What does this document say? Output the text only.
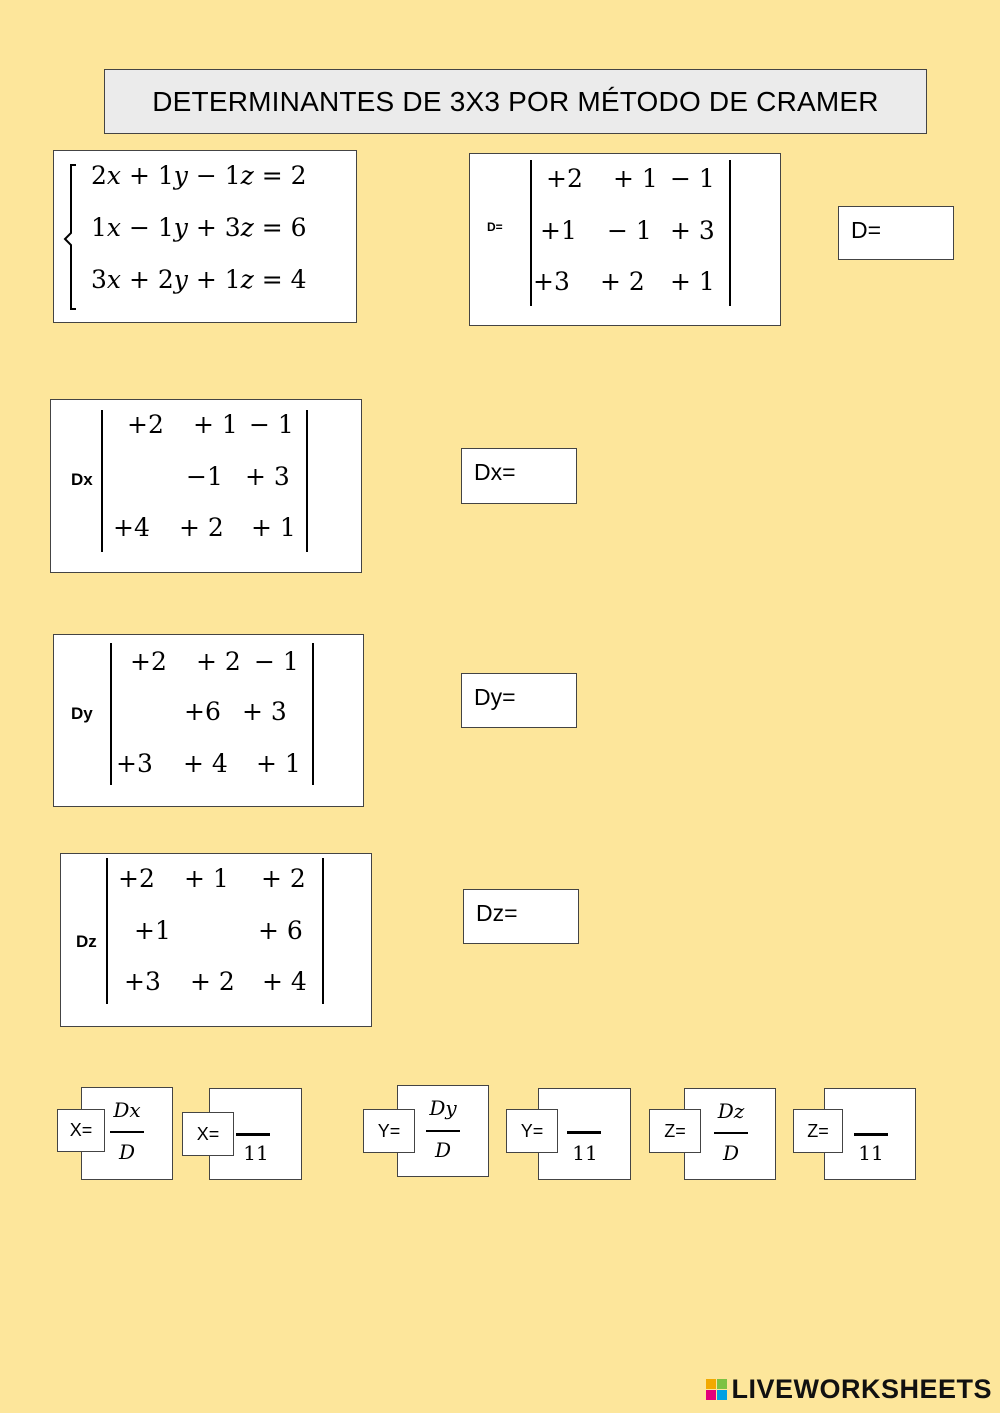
DETERMINANTES DE 3X3 POR MÉTODO DE CRAMER
2x + 1y − 1z = 2
1x − 1y + 3z = 6
3x + 2y + 1z = 4
D=
+2 + 1 − 1
+1 − 1 + 3
+3 + 2 + 1
D=
Dx
+2 + 1 − 1
−1 + 3
+4 + 2 + 1
Dx=
Dy
+2 + 2 − 1
+6 + 3
+3 + 4 + 1
Dy=
Dz
+2 + 1 + 2
+1	+ 6
+3 + 2 + 4
Dz=
Dx
D
X=
11
X=
Dy
D
Y=
11
Y=
Dz
D
Z=
11
Z=
LIVEWORKSHEETS
